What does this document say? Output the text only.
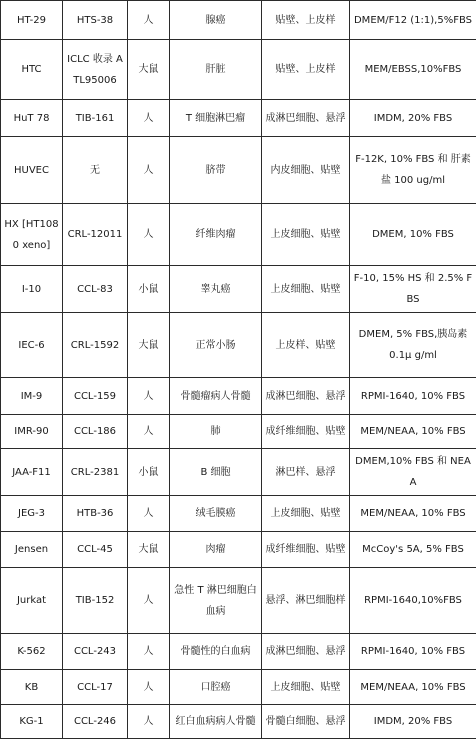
HT-29	HTS-38	人	腺癌	贴壁、上皮样	DMEM/F12 (1:1),5%FBS
HTC	ICLC 收录 ATL95006	大鼠	肝脏	贴壁、上皮样	MEM/EBSS,10%FBS
HuT 78	TIB-161	人	T 细胞淋巴瘤	成淋巴细胞、悬浮	IMDM, 20% FBS
HUVEC	无	人	脐带	内皮细胞、贴壁	F-12K, 10% FBS 和 肝素盐 100 ug/ml
HX [HT1080 xeno]	CRL-12011	人	纤维肉瘤	上皮细胞、贴壁	DMEM, 10% FBS
I-10	CCL-83	小鼠	睾丸癌	上皮细胞、贴壁	F-10, 15% HS 和 2.5% FBS
IEC-6	CRL-1592	大鼠	正常小肠	上皮样、贴壁	DMEM, 5% FBS,胰岛素 0.1μ g/ml
IM-9	CCL-159	人	骨髓瘤病人骨髓	成淋巴细胞、悬浮	RPMI-1640, 10% FBS
IMR-90	CCL-186	人	肺	成纤维细胞、贴壁	MEM/NEAA, 10% FBS
JAA-F11	CRL-2381	小鼠	B 细胞	淋巴样、悬浮	DMEM,10% FBS 和 NEAA
JEG-3	HTB-36	人	绒毛膜癌	上皮细胞、贴壁	MEM/NEAA, 10% FBS
Jensen	CCL-45	大鼠	肉瘤	成纤维细胞、贴壁	McCoy's 5A, 5% FBS
Jurkat	TIB-152	人	急性 T 淋巴细胞白血病	悬浮、淋巴细胞样	RPMI-1640,10%FBS
K-562	CCL-243	人	骨髓性的白血病	成淋巴细胞、悬浮	RPMI-1640, 10% FBS
KB	CCL-17	人	口腔癌	上皮细胞、贴壁	MEM/NEAA, 10% FBS
KG-1	CCL-246	人	红白血病病人骨髓	骨髓白细胞、悬浮	IMDM, 20% FBS
